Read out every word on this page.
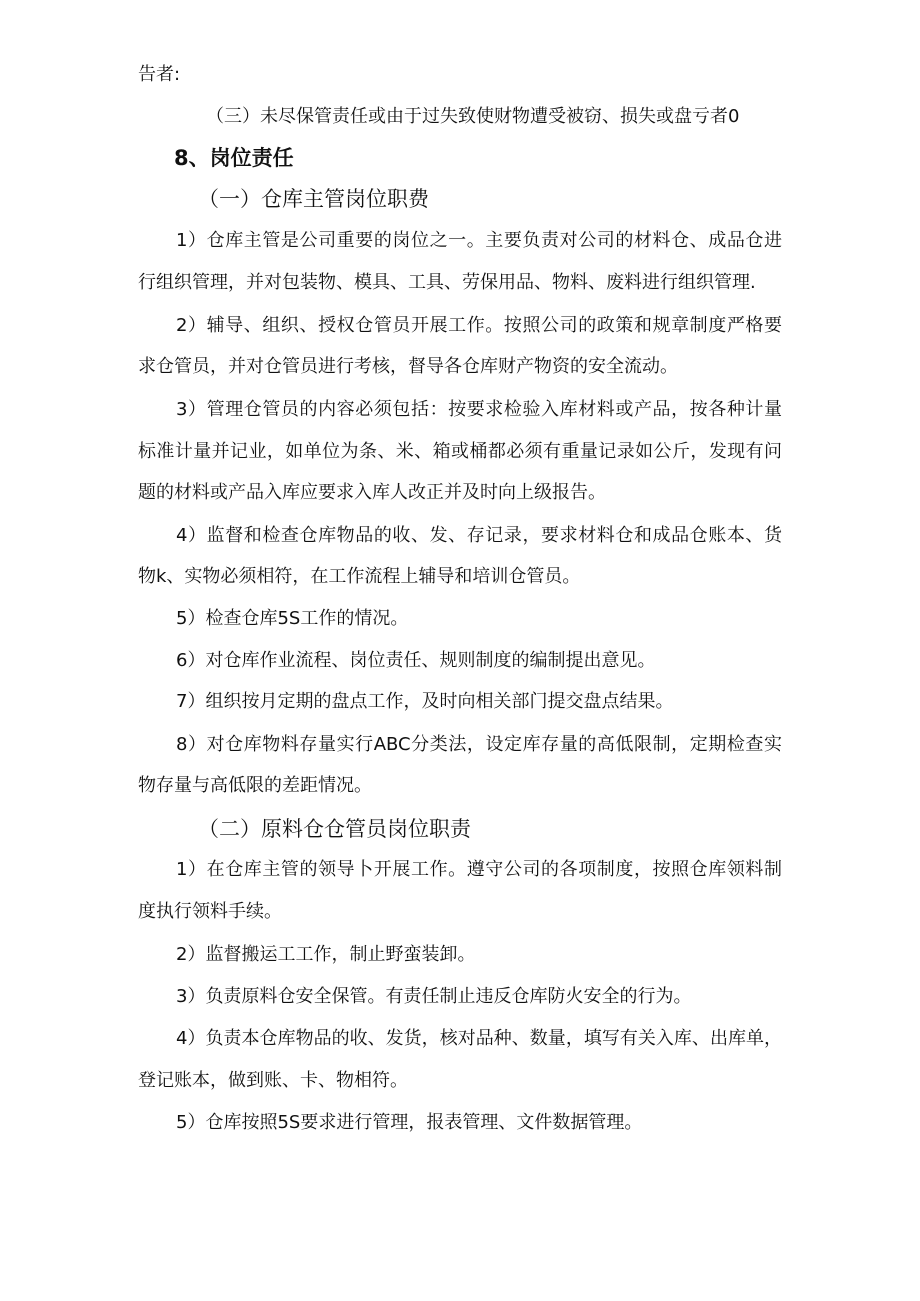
告者:
（三）未尽保管责任或由于过失致使财物遭受被窃、损失或盘亏者0
8、岗位责任
（一）仓库主管岗位职费
1）仓库主管是公司重要的岗位之一。主要负责对公司的材料仓、成品仓进
行组织管理，并对包装物、模具、工具、劳保用品、物料、废料进行组织管理.
2）辅导、组织、授权仓管员开展工作。按照公司的政策和规章制度严格要
求仓管员，并对仓管员进行考核，督导各仓库财产物资的安全流动。
3）管理仓管员的内容必须包括：按要求检验入库材料或产品，按各种计量
标准计量并记业，如单位为条、米、箱或桶都必须有重量记录如公斤，发现有问
题的材料或产品入库应要求入库人改正并及时向上级报告。
4）监督和检查仓库物品的收、发、存记录，要求材料仓和成品仓账本、货
物k、实物必须相符，在工作流程上辅导和培训仓管员。
5）检查仓库5S工作的情况。
6）对仓库作业流程、岗位责任、规则制度的编制提出意见。
7）组织按月定期的盘点工作，及时向相关部门提交盘点结果。
8）对仓库物料存量实行ABC分类法，设定库存量的高低限制，定期检查实
物存量与高低限的差距情况。
（二）原料仓仓管员岗位职责
1）在仓库主管的领导卜开展工作。遵守公司的各项制度，按照仓库领料制
度执行领料手续。
2）监督搬运工工作，制止野蛮装卸。
3）负责原料仓安全保管。有责任制止违反仓库防火安全的行为。
4）负责本仓库物品的收、发货，核对品种、数量，填写有关入库、出库单，
登记账本，做到账、卡、物相符。
5）仓库按照5S要求进行管理，报表管理、文件数据管理。
